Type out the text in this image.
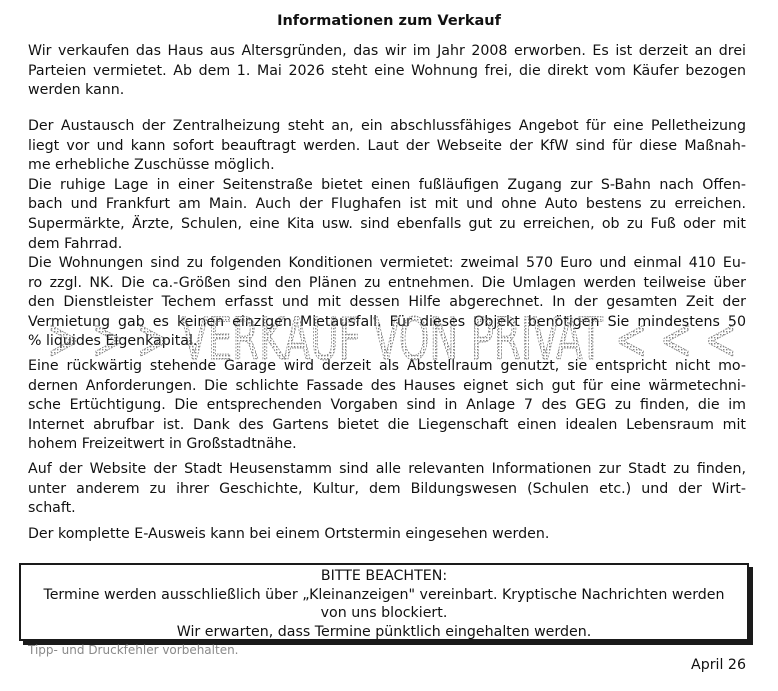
Informationen zum Verkauf
Wir verkaufen das Haus aus Altersgründen, das wir im Jahr 2008 erworben. Es ist derzeit an drei
Parteien vermietet. Ab dem 1. Mai 2026 steht eine Wohnung frei, die direkt vom Käufer bezogen
werden kann.
Der Austausch der Zentralheizung steht an, ein abschlussfähiges Angebot für eine Pelletheizung
liegt vor und kann sofort beauftragt werden. Laut der Webseite der KfW sind für diese Maßnah-
me erhebliche Zuschüsse möglich.
Die ruhige Lage in einer Seitenstraße bietet einen fußläufigen Zugang zur S-Bahn nach Offen-
bach und Frankfurt am Main. Auch der Flughafen ist mit und ohne Auto bestens zu erreichen.
Supermärkte, Ärzte, Schulen, eine Kita usw. sind ebenfalls gut zu erreichen, ob zu Fuß oder mit
dem Fahrrad.
Die Wohnungen sind zu folgenden Konditionen vermietet: zweimal 570 Euro und einmal 410 Eu-
ro zzgl. NK. Die ca.-Größen sind den Plänen zu entnehmen. Die Umlagen werden teilweise über
den Dienstleister Techem erfasst und mit dessen Hilfe abgerechnet. In der gesamten Zeit der
Vermietung gab es keinen einzigen Mietausfall. Für dieses Objekt benötigen Sie mindestens 50
% liquides Eigenkapital.
Eine rückwärtig stehende Garage wird derzeit als Abstellraum genutzt, sie entspricht nicht mo-
dernen Anforderungen. Die schlichte Fassade des Hauses eignet sich gut für eine wärmetechni-
sche Ertüchtigung. Die entsprechenden Vorgaben sind in Anlage 7 des GEG zu finden, die im
Internet abrufbar ist. Dank des Gartens bietet die Liegenschaft einen idealen Lebensraum mit
hohem Freizeitwert in Großstadtnähe.
Auf der Website der Stadt Heusenstamm sind alle relevanten Informationen zur Stadt zu finden,
unter anderem zu ihrer Geschichte, Kultur, dem Bildungswesen (Schulen etc.) und der Wirt-
schaft.
Der komplette E-Ausweis kann bei einem Ortstermin eingesehen werden.
> > > VERKAUF VON PRIVAT < < <
BITTE BEACHTEN:
Termine werden ausschließlich über „Kleinanzeigen" vereinbart. Kryptische Nachrichten werden
von uns blockiert.
Wir erwarten, dass Termine pünktlich eingehalten werden.
Tipp- und Druckfehler vorbehalten.
April 26
